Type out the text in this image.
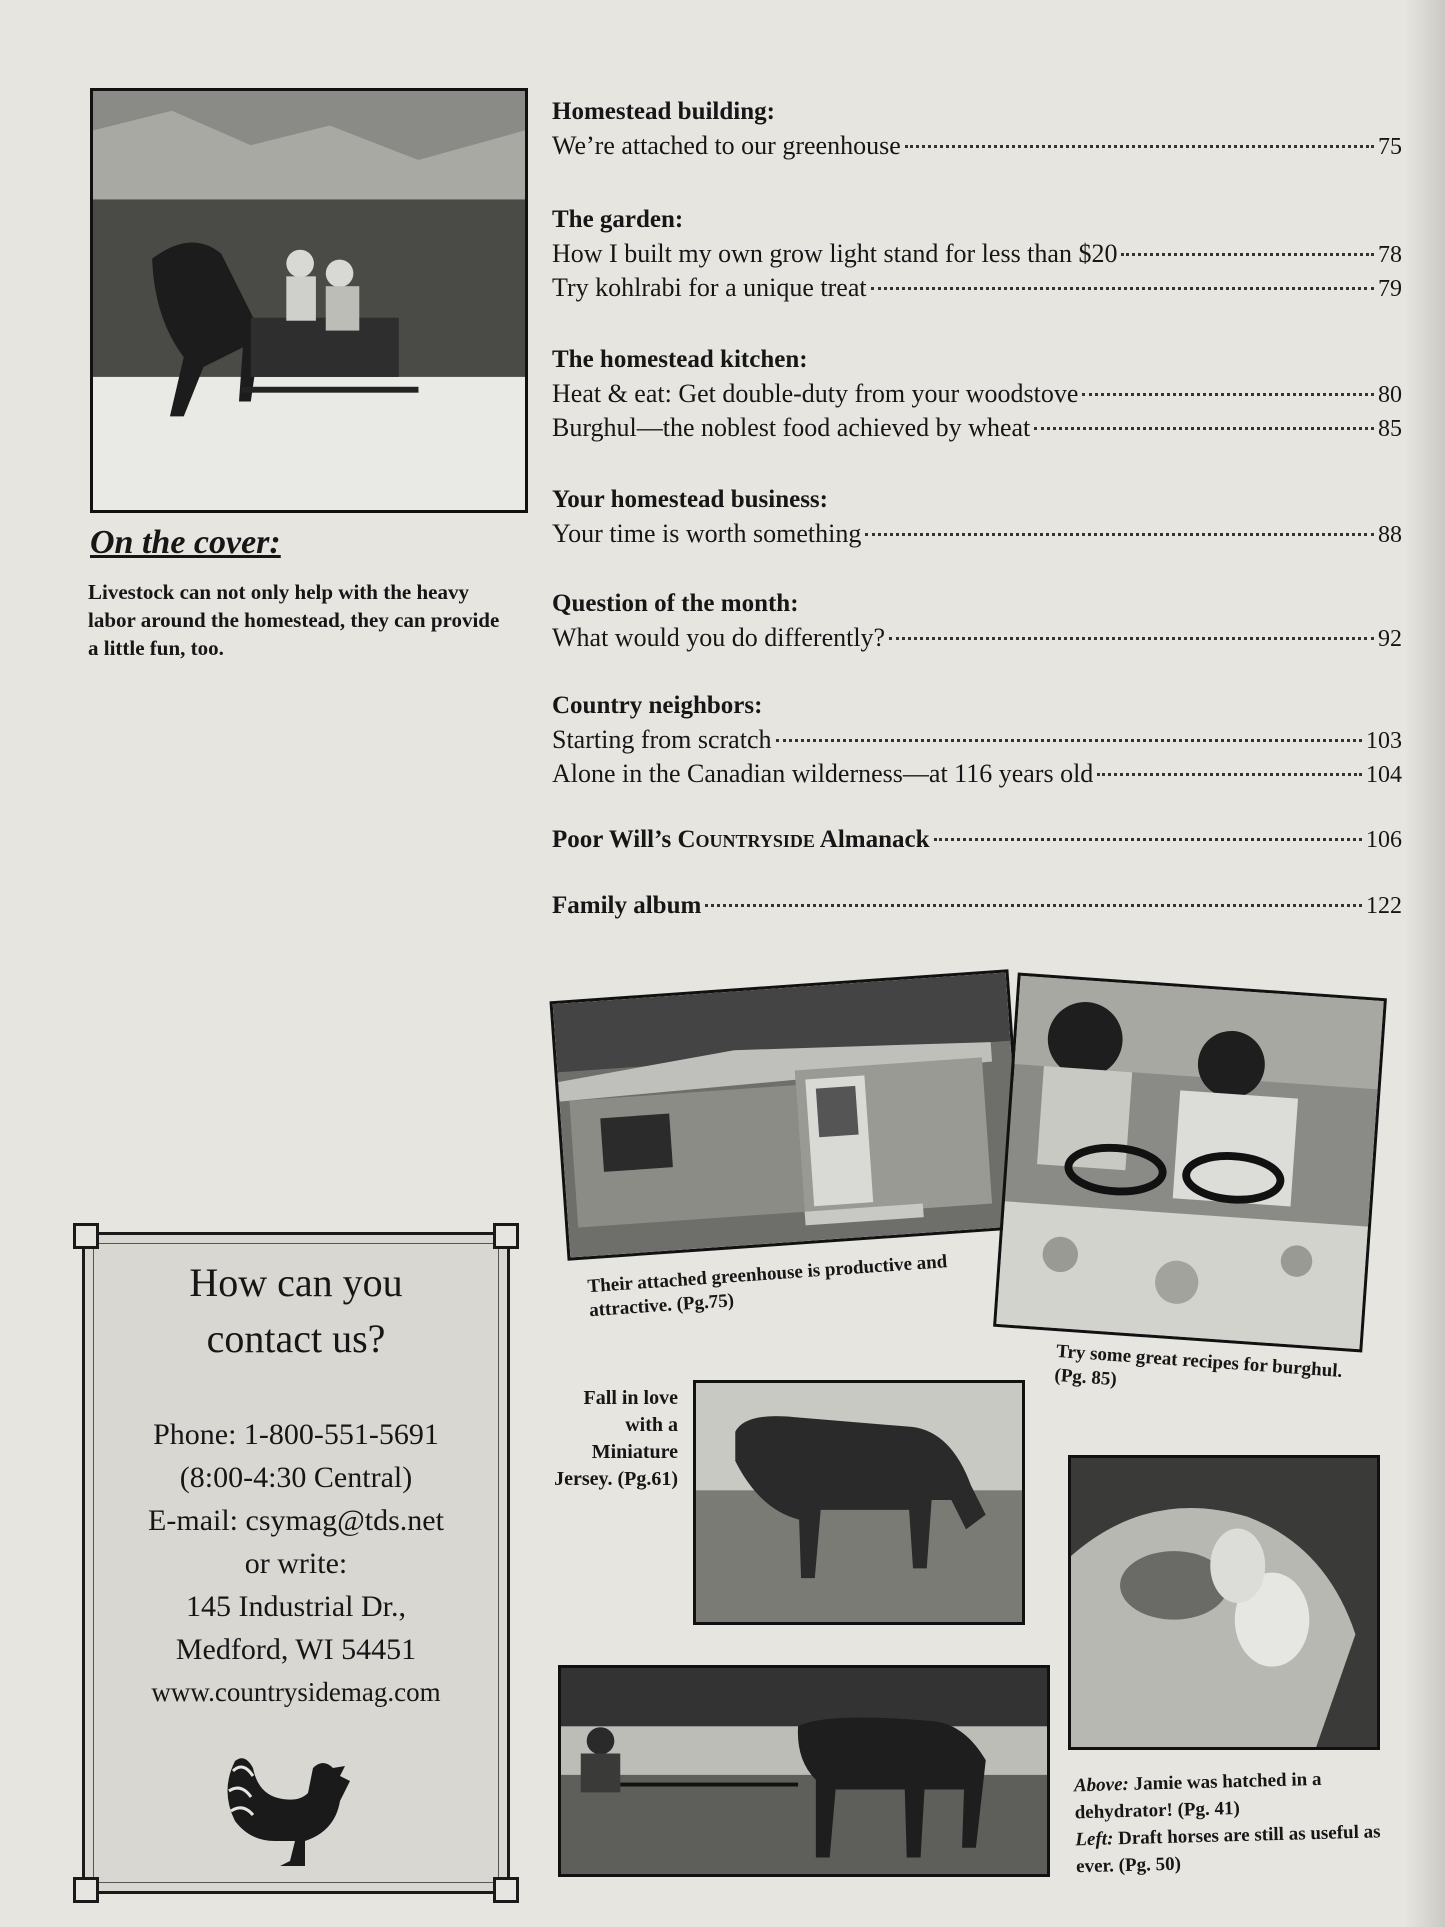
On the cover:
Livestock can not only help with the heavy labor around the homestead, they can provide a little fun, too.
Homestead building:
We’re attached to our greenhouse	75
The garden:
How I built my own grow light stand for less than $20	78
Try kohlrabi for a unique treat	79
The homestead kitchen:
Heat & eat: Get double-duty from your woodstove	80
Burghul—the noblest food achieved by wheat	85
Your homestead business:
Your time is worth something	88
Question of the month:
What would you do differently?	92
Country neighbors:
Starting from scratch	103
Alone in the Canadian wilderness—at 116 years old	104
Poor Will’s Countryside Almanack	106
Family album	122
Their attached greenhouse is productive and attractive. (Pg.75)
Try some great recipes for burghul. (Pg. 85)
Fall in love with a Miniature Jersey. (Pg.61)
Above: Jamie was hatched in a dehydrator! (Pg. 41)
Left: Draft horses are still as useful as ever. (Pg. 50)
How can you
contact us?
Phone: 1-800-551-5691
(8:00-4:30 Central)
E-mail: csymag@tds.net
or write:
145 Industrial Dr.,
Medford, WI 54451
www.countrysidemag.com
